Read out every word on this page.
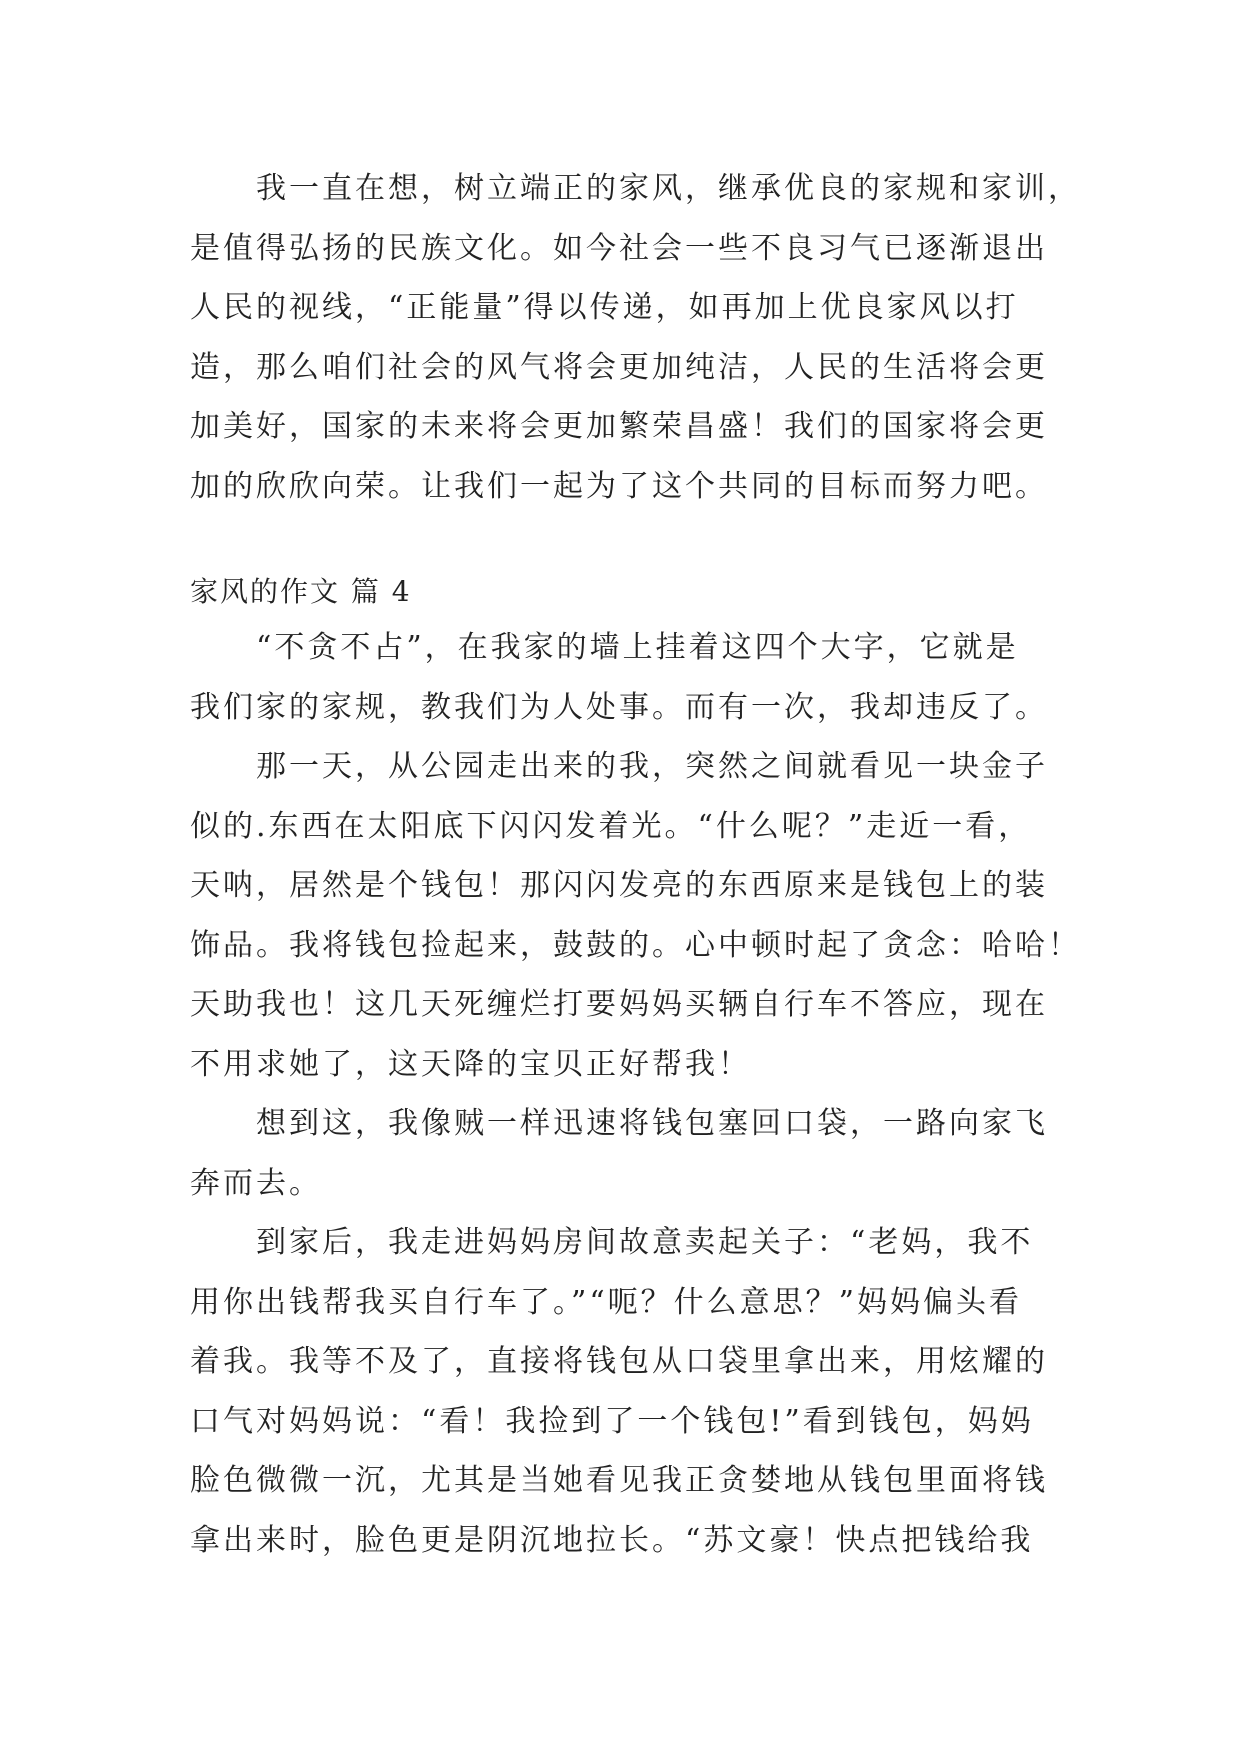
　　我一直在想，树立端正的家风，继承优良的家规和家训，
是值得弘扬的民族文化。如今社会一些不良习气已逐渐退出
人民的视线，“正能量”得以传递，如再加上优良家风以打
造，那么咱们社会的风气将会更加纯洁，人民的生活将会更
加美好，国家的未来将会更加繁荣昌盛！我们的国家将会更
加的欣欣向荣。让我们一起为了这个共同的目标而努力吧。
家风的作文 篇 4
　　“不贪不占”，在我家的墙上挂着这四个大字，它就是
我们家的家规，教我们为人处事。而有一次，我却违反了。
　　那一天，从公园走出来的我，突然之间就看见一块金子
似的.东西在太阳底下闪闪发着光。“什么呢？”走近一看，
天呐，居然是个钱包！那闪闪发亮的东西原来是钱包上的装
饰品。我将钱包捡起来，鼓鼓的。心中顿时起了贪念：哈哈！
天助我也！这几天死缠烂打要妈妈买辆自行车不答应，现在
不用求她了，这天降的宝贝正好帮我！
　　想到这，我像贼一样迅速将钱包塞回口袋，一路向家飞
奔而去。
　　到家后，我走进妈妈房间故意卖起关子：“老妈，我不
用你出钱帮我买自行车了。”“呃？什么意思？”妈妈偏头看
着我。我等不及了，直接将钱包从口袋里拿出来，用炫耀的
口气对妈妈说：“看！我捡到了一个钱包!”看到钱包，妈妈
脸色微微一沉，尤其是当她看见我正贪婪地从钱包里面将钱
拿出来时，脸色更是阴沉地拉长。“苏文豪！快点把钱给我
